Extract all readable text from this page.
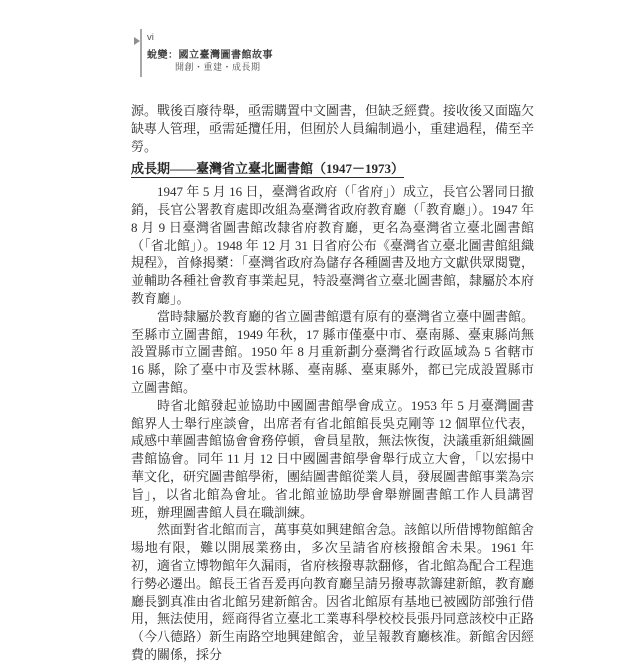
vi
蛻變：國立臺灣圖書館故事
開創・重建・成長期

源。戰後百廢待舉，亟需購置中文圖書，但缺乏經費。接收後又面臨欠缺專人管理，亟需延攬任用，但囿於人員編制過小，重建過程，備至辛勞。

成長期——臺灣省立臺北圖書館（1947－1973）

1947 年 5 月 16 日，臺灣省政府（「省府」）成立，長官公署同日撤銷，長官公署教育處即改組為臺灣省政府教育廳（「教育廳」）。1947 年 8 月 9 日臺灣省圖書館改隸省府教育廳，更名為臺灣省立臺北圖書館（「省北館」）。1948 年 12 月 31 日省府公布《臺灣省立臺北圖書館組織規程》，首條揭櫫：「臺灣省政府為儲存各種圖書及地方文獻供眾閱覽，並輔助各種社會教育事業起見，特設臺灣省立臺北圖書館，隸屬於本府教育廳」。

當時隸屬於教育廳的省立圖書館還有原有的臺灣省立臺中圖書館。至縣市立圖書館，1949 年秋，17 縣市僅臺中市、臺南縣、臺東縣尚無設置縣市立圖書館。1950 年 8 月重新劃分臺灣省行政區域為 5 省轄市 16 縣，除了臺中市及雲林縣、臺南縣、臺東縣外，都已完成設置縣市立圖書館。

時省北館發起並協助中國圖書館學會成立。1953 年 5 月臺灣圖書館界人士舉行座談會，出席者有省北館館長吳克剛等 12 個單位代表，咸感中華圖書館協會會務停頓，會員星散，無法恢復，決議重新組織圖書館協會。同年 11 月 12 日中國圖書館學會舉行成立大會，「以宏揚中華文化，研究圖書館學術，團結圖書館從業人員，發展圖書館事業為宗旨」，以省北館為會址。省北館並協助學會舉辦圖書館工作人員講習班，辦理圖書館人員在職訓練。

然面對省北館而言，萬事莫如興建館舍急。該館以所借博物館館舍場地有限，難以開展業務由，多次呈請省府核撥館舍未果。1961 年初，適省立博物館年久漏雨，省府核撥專款翻修，省北館為配合工程進行勢必遷出。館長王省吾爰再向教育廳呈請另撥專款籌建新館，教育廳廳長劉真准由省北館另建新館舍。因省北館原有基地已被國防部強行借用，無法使用，經商得省立臺北工業專科學校校長張丹同意該校中正路（今八德路）新生南路空地興建館舍，並呈報教育廳核准。新館舍因經費的關係，採分
